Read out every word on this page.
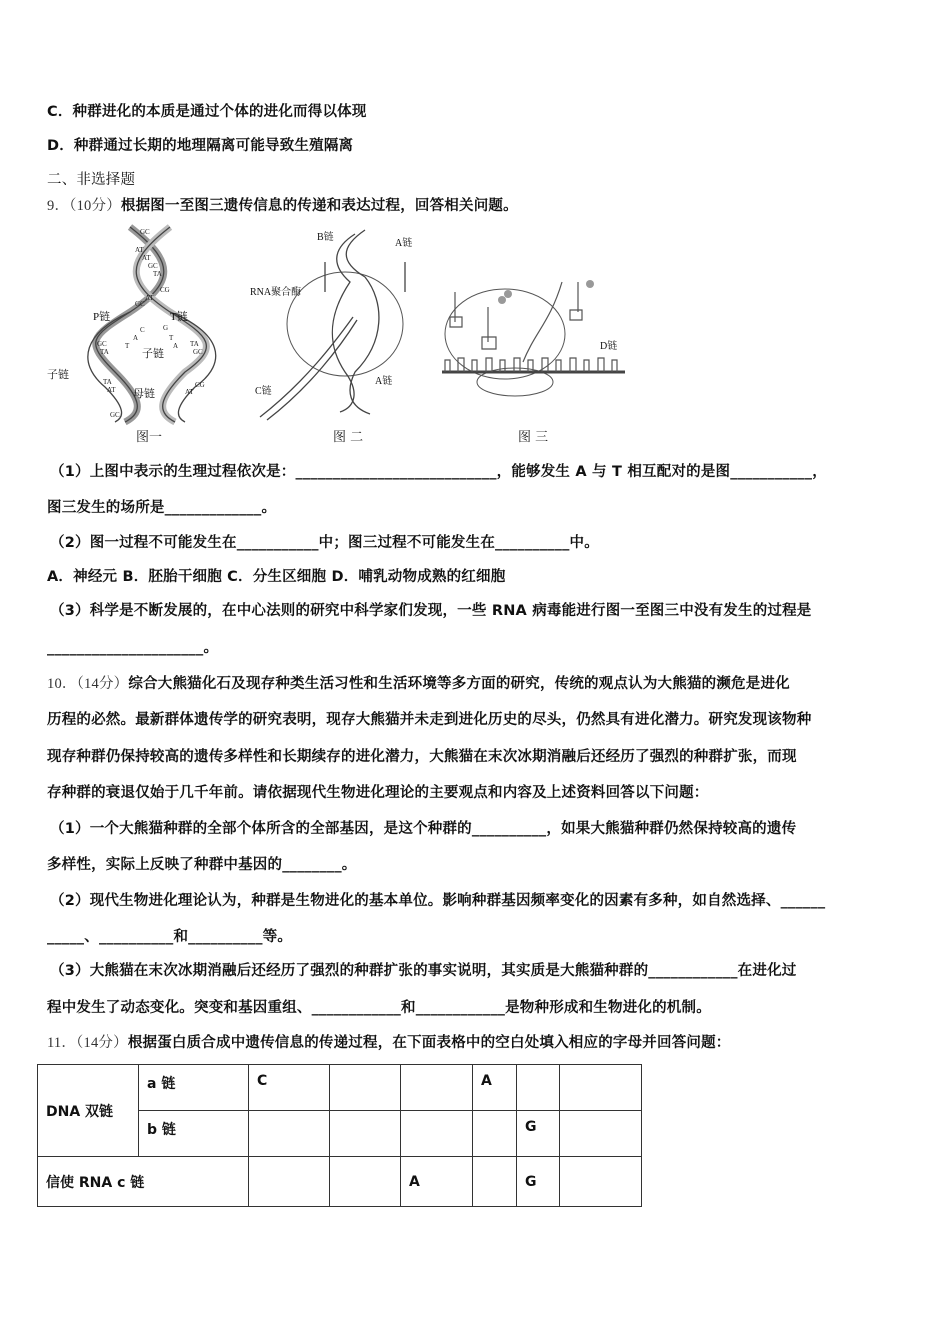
C．种群进化的本质是通过个体的进化而得以体现
D．种群通过长期的地理隔离可能导致生殖隔离
二、非选择题
9．（10分）根据图一至图三遗传信息的传递和表达过程，回答相关问题。
GC
AT
AT
GC
TA
CG
AT
GC
TA
GC	TA
GC
TA
AT
CG
AT
GC
C	G
A	T
T	A
P链	T链
子链
子链
母链
图一
B链
A链
RNA聚合酶
C链
A链
图 二
D链
图 三
（1）上图中表示的生理过程依次是：___________________________，能够发生 A 与 T 相互配对的是图___________，
图三发生的场所是_____________。
（2）图一过程不可能发生在___________中；图三过程不可能发生在__________中。
A．神经元 B．胚胎干细胞 C．分生区细胞 D．哺乳动物成熟的红细胞
（3）科学是不断发展的，在中心法则的研究中科学家们发现，一些 RNA 病毒能进行图一至图三中没有发生的过程是
_____________________。
10．（14分）综合大熊猫化石及现存种类生活习性和生活环境等多方面的研究，传统的观点认为大熊猫的濒危是进化
历程的必然。最新群体遗传学的研究表明，现存大熊猫并未走到进化历史的尽头，仍然具有进化潜力。研究发现该物种
现存种群仍保持较高的遗传多样性和长期续存的进化潜力，大熊猫在末次冰期消融后还经历了强烈的种群扩张，而现
存种群的衰退仅始于几千年前。请依据现代生物进化理论的主要观点和内容及上述资料回答以下问题：
（1）一个大熊猫种群的全部个体所含的全部基因，是这个种群的__________，如果大熊猫种群仍然保持较高的遗传
多样性，实际上反映了种群中基因的________。
（2）现代生物进化理论认为，种群是生物进化的基本单位。影响种群基因频率变化的因素有多种，如自然选择、______
_____、__________和__________等。
（3）大熊猫在末次冰期消融后还经历了强烈的种群扩张的事实说明，其实质是大熊猫种群的____________在进化过
程中发生了动态变化。突变和基因重组、____________和____________是物种形成和生物进化的机制。
11．（14分）根据蛋白质合成中遗传信息的传递过程，在下面表格中的空白处填入相应的字母并回答问题：
DNA 双链	a 链	C			A		
	b 链					G	
信使 RNA c 链				A		G	
